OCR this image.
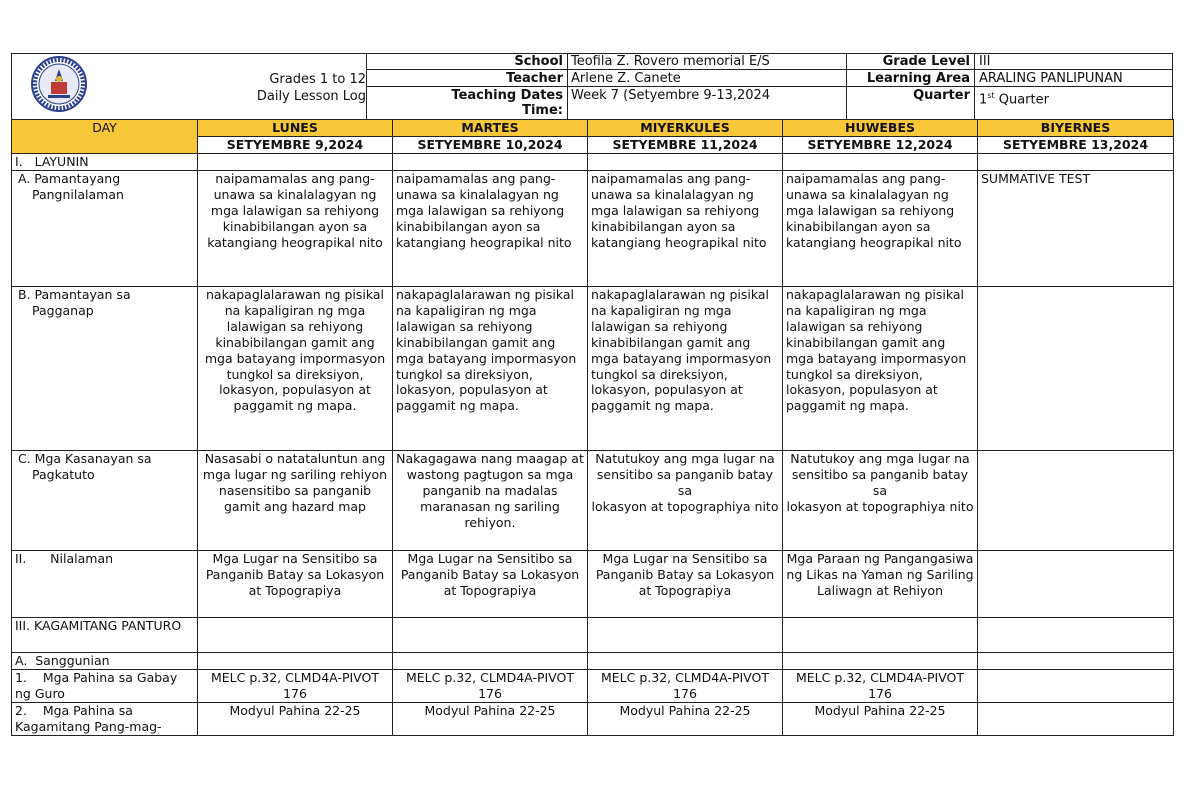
Grades 1 to 12
Daily Lesson Log
School Teofila Z. Rovero memorial E/S
Teacher Arlene Z. Canete
Teaching Dates
Time:
Week 7 (Setyembre 9-13,2024
Grade Level III
Learning Area ARALING PANLIPUNAN
Quarter 1st Quarter
DAY	LUNES	MARTES	MIYERKULES	HUWEBES	BIYERNES
	SETYEMBRE 9,2024	SETYEMBRE 10,2024	SETYEMBRE 11,2024	SETYEMBRE 12,2024	SETYEMBRE 13,2024
I.   LAYUNIN					
A. Pamantayang Pangnilalaman	naipamamalas ang pang-unawa sa kinalalagyan ng mga lalawigan sa rehiyong kinabibilangan ayon sa katangiang heograpikal nito	naipamamalas ang pang-unawa sa kinalalagyan ng mga lalawigan sa rehiyong kinabibilangan ayon sa katangiang heograpikal nito	naipamamalas ang pang-unawa sa kinalalagyan ng mga lalawigan sa rehiyong kinabibilangan ayon sa katangiang heograpikal nito	naipamamalas ang pang-unawa sa kinalalagyan ng mga lalawigan sa rehiyong kinabibilangan ayon sa katangiang heograpikal nito	SUMMATIVE TEST
B. Pamantayan sa Pagganap	nakapaglalarawan ng pisikal
na kapaligiran ng mga lalawigan sa rehiyong kinabibilangan gamit ang mga batayang impormasyon tungkol sa direksiyon, lokasyon, populasyon at paggamit ng mapa.	nakapaglalarawan ng pisikal
na kapaligiran ng mga lalawigan sa rehiyong kinabibilangan gamit ang mga batayang impormasyon tungkol sa direksiyon, lokasyon, populasyon at paggamit ng mapa.	nakapaglalarawan ng pisikal
na kapaligiran ng mga lalawigan sa rehiyong kinabibilangan gamit ang mga batayang impormasyon tungkol sa direksiyon, lokasyon, populasyon at paggamit ng mapa.	nakapaglalarawan ng pisikal
na kapaligiran ng mga lalawigan sa rehiyong kinabibilangan gamit ang mga batayang impormasyon tungkol sa direksiyon, lokasyon, populasyon at paggamit ng mapa.	
C. Mga Kasanayan sa Pagkatuto	Nasasabi o natataluntun ang mga lugar ng sariling rehiyon nasensitibo sa panganib gamit ang hazard map	Nakagagawa nang maagap at wastong pagtugon sa mga panganib na madalas maranasan ng sariling rehiyon.	Natutukoy ang mga lugar na
sensitibo sa panganib batay sa
lokasyon at topographiya nito	Natutukoy ang mga lugar na
sensitibo sa panganib batay sa
lokasyon at topographiya nito	
II.      Nilalaman	Mga Lugar na Sensitibo sa Panganib Batay sa Lokasyon at Topograpiya	Mga Lugar na Sensitibo sa Panganib Batay sa Lokasyon at Topograpiya	Mga Lugar na Sensitibo sa Panganib Batay sa Lokasyon at Topograpiya	Mga Paraan ng Pangangasiwa ng Likas na Yaman ng Sariling Laliwagn at Rehiyon	
III. KAGAMITANG PANTURO					
A.  Sanggunian					
1.    Mga Pahina sa Gabay ng Guro	MELC p.32, CLMD4A-PIVOT 176	MELC p.32, CLMD4A-PIVOT 176	MELC p.32, CLMD4A-PIVOT 176	MELC p.32, CLMD4A-PIVOT 176	
2.    Mga Pahina sa Kagamitang Pang-mag-	Modyul Pahina 22-25	Modyul Pahina 22-25	Modyul Pahina 22-25	Modyul Pahina 22-25	
